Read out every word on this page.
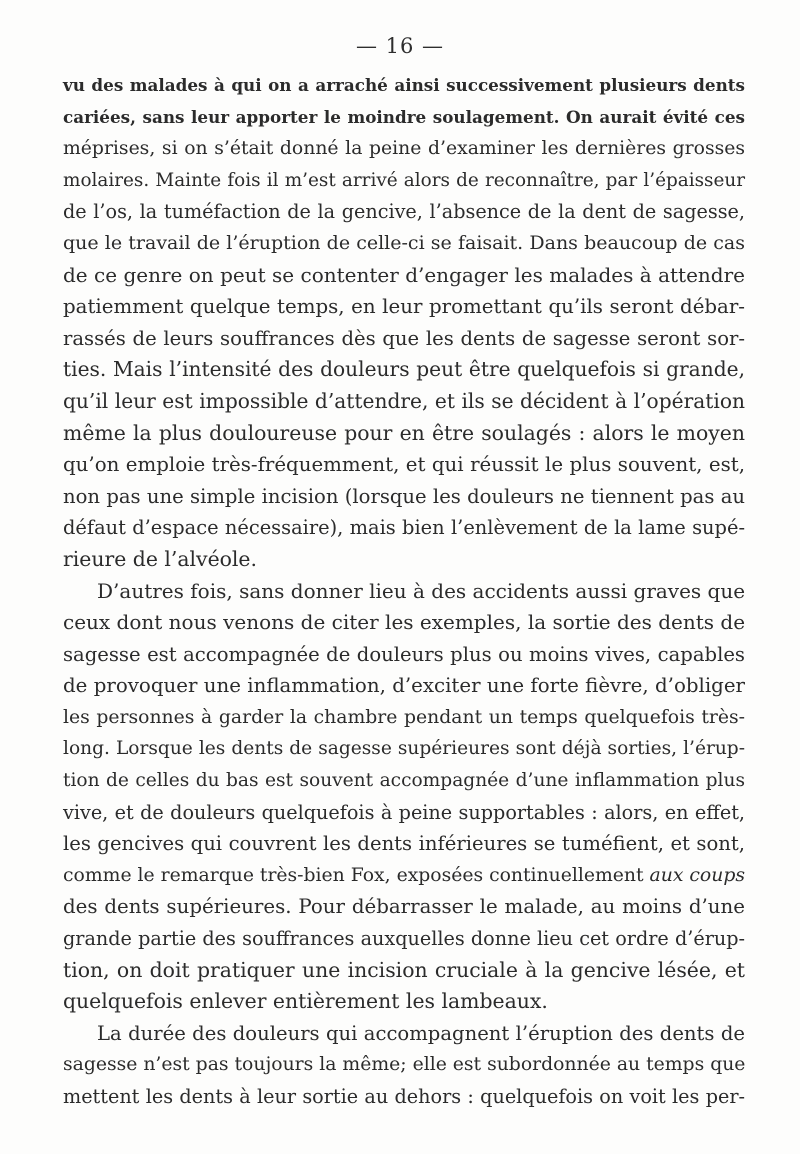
— 16 —
vu des malades à qui on a arraché ainsi successivement plusieurs dents
cariées, sans leur apporter le moindre soulagement. On aurait évité ces
méprises, si on s’était donné la peine d’examiner les dernières grosses
molaires. Mainte fois il m’est arrivé alors de reconnaître, par l’épaisseur
de l’os, la tuméfaction de la gencive, l’absence de la dent de sagesse,
que le travail de l’éruption de celle-ci se faisait. Dans beaucoup de cas
de ce genre on peut se contenter d’engager les malades à attendre
patiemment quelque temps, en leur promettant qu’ils seront débar-
rassés de leurs souffrances dès que les dents de sagesse seront sor-
ties. Mais l’intensité des douleurs peut être quelquefois si grande,
qu’il leur est impossible d’attendre, et ils se décident à l’opération
même la plus douloureuse pour en être soulagés : alors le moyen
qu’on emploie très-fréquemment, et qui réussit le plus souvent, est,
non pas une simple incision (lorsque les douleurs ne tiennent pas au
défaut d’espace nécessaire), mais bien l’enlèvement de la lame supé-
rieure de l’alvéole.
D’autres fois, sans donner lieu à des accidents aussi graves que
ceux dont nous venons de citer les exemples, la sortie des dents de
sagesse est accompagnée de douleurs plus ou moins vives, capables
de provoquer une inflammation, d’exciter une forte fièvre, d’obliger
les personnes à garder la chambre pendant un temps quelquefois très-
long. Lorsque les dents de sagesse supérieures sont déjà sorties, l’érup-
tion de celles du bas est souvent accompagnée d’une inflammation plus
vive, et de douleurs quelquefois à peine supportables : alors, en effet,
les gencives qui couvrent les dents inférieures se tuméfient, et sont,
comme le remarque très-bien Fox, exposées continuellement aux coups
des dents supérieures. Pour débarrasser le malade, au moins d’une
grande partie des souffrances auxquelles donne lieu cet ordre d’érup-
tion, on doit pratiquer une incision cruciale à la gencive lésée, et
quelquefois enlever entièrement les lambeaux.
La durée des douleurs qui accompagnent l’éruption des dents de
sagesse n’est pas toujours la même; elle est subordonnée au temps que
mettent les dents à leur sortie au dehors : quelquefois on voit les per-
